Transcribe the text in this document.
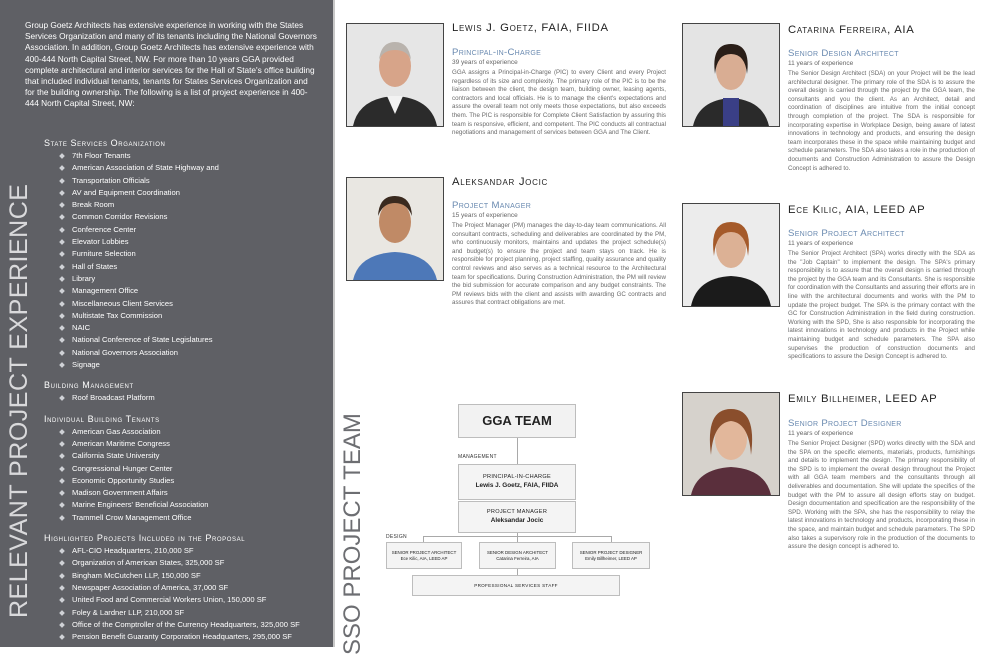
Group Goetz Architects has extensive experience in working with the States Services Organization and many of its tenants including the National Governors Association. In addition, Group Goetz Architects has extensive experience with 400-444 North Capital Street, NW. For more than 10 years GGA provided complete architectural and interior services for the Hall of State's office building that included individual tenants, tenants for States Services Organization and for the building ownership. The following is a list of project experience in 400-444 North Capital Street, NW:

RELEVANT PROJECT EXPERIENCE
State Services Organization
7th Floor Tenants
American Association of State Highway and
Transportation Officials
AV and Equipment Coordination
Break Room
Common Corridor Revisions
Conference Center
Elevator Lobbies
Furniture Selection
Hall of States
Library
Management Office
Miscellaneous Client Services
Multistate Tax Commission
NAIC
National Conference of State Legislatures
National Governors Association
Signage
Building Management
Roof Broadcast Platform
Individual Building Tenants
American Gas Association
American Maritime Congress
California State University
Congressional Hunger Center
Economic Opportunity Studies
Madison Government Affairs
Marine Engineers' Beneficial Association
Trammell Crow Management Office
Highlighted Projects Included in the Proposal
AFL-CIO Headquarters, 210,000 SF
Organization of American States, 325,000 SF
Bingham McCutchen LLP, 150,000 SF
Newspaper Association of America, 37,000 SF
United Food and Commercial Workers Union, 150,000 SF
Foley & Lardner LLP, 210,000 SF
Office of the Comptroller of the Currency Headquarters, 325,000 SF
Pension Benefit Guaranty Corporation Headquarters, 295,000 SF	SSO PROJECT TEAM
Lewis J. Goetz, FAIA, FIIDA
Principal-in-Charge
39 years of experience

GGA assigns a Principal-in-Charge (PIC) to every Client and every Project regardless of its size and complexity. The primary role of the PIC is to be the liaison between the client, the design team, building owner, leasing agents, contractors and local officials. He is to manage the client's expectations and assure the overall team not only meets those expectations, but also exceeds them. The PIC is responsible for Complete Client Satisfaction by assuring this team is responsive, efficient, and competent. The PIC conducts all contractual negotiations and management of services between GGA and The Client.

Aleksandar Jocic
Project Manager
15 years of experience

The Project Manager (PM) manages the day-to-day team communications. All consultant contracts, scheduling and deliverables are coordinated by the PM, who continuously monitors, maintains and updates the project schedule(s) and budget(s) to ensure the project and team stays on track. He is responsible for project planning, project staffing, quality assurance and quality control reviews and also serves as a technical resource to the Architectural team for specifications. During Construction Administration, the PM will review the bid submission for accurate comparison and any budget constraints. The PM reviews bids with the client and assists with awarding GC contracts and assures that contract obligations are met.

Catarina Ferreira, AIA
Senior Design Architect
11 years of experience

The Senior Design Architect (SDA) on your Project will be the lead architectural designer. The primary role of the SDA is to assure the overall design is carried through the project by the GGA team, the consultants and you the client. As an Architect, detail and coordination of disciplines are intuitive from the initial concept through completion of the project. The SDA is responsible for incorporating expertise in Workplace Design, being aware of latest innovations in technology and products, and ensuring the design team incorporates these in the space while maintaining budget and schedule parameters. The SDA also takes a role in the production of documents and Construction Administration to assure the Design Concept is adhered to.

Ece Kilic, AIA, LEED AP
Senior Project Architect
11 years of experience

The Senior Project Architect (SPA) works directly with the SDA as the "Job Captain" to implement the design. The SPA's primary responsibility is to assure that the overall design is carried through the project by the GGA team and its Consultants. She is responsible for coordination with the Consultants and assuring their efforts are in line with the architectural documents and works with the PM to update the project budget. The SPA is the primary contact with the GC for Construction Administration in the field during construction. Working with the SPD, She is also responsible for incorporating the latest innovations in technology and products in the Project while maintaining budget and schedule parameters. The SPA also supervises the production of construction documents and specifications to assure the Design Concept is adhered to.

Emily Billheimer, LEED AP
Senior Project Designer
11 years of experience

The Senior Project Designer (SPD) works directly with the SDA and the SPA on the specific elements, materials, products, furnishings and details to implement the design. The primary responsibility of the SPD is to implement the overall design throughout the Project with all GGA team members and the consultants through all deliverables and documentation. She will update the specifics of the budget with the PM to assure all design efforts stay on budget. Design documentation and specification are the responsibility of the SPD. Working with the SPA, she has the responsibility to relay the latest innovations in technology and products, incorporating these in the space, and maintain budget and schedule parameters. The SPD also takes a supervisory role in the production of the documents to assure the design concept is adhered to.

GGA TEAM
MANAGEMENT
PRINCIPAL-IN-CHARGE
Lewis J. Goetz, FAIA, FIIDA
PROJECT MANAGER
Aleksandar Jocic
DESIGN
SENIOR PROJECT ARCHITECT
Ece Kilic, AIA, LEED AP
SENIOR DESIGN ARCHITECT
Catarina Ferreira, AIA
SENIOR PROJECT DESIGNER
Emily Billheimer, LEED AP
PROFESSIONAL SERVICES STAFF
